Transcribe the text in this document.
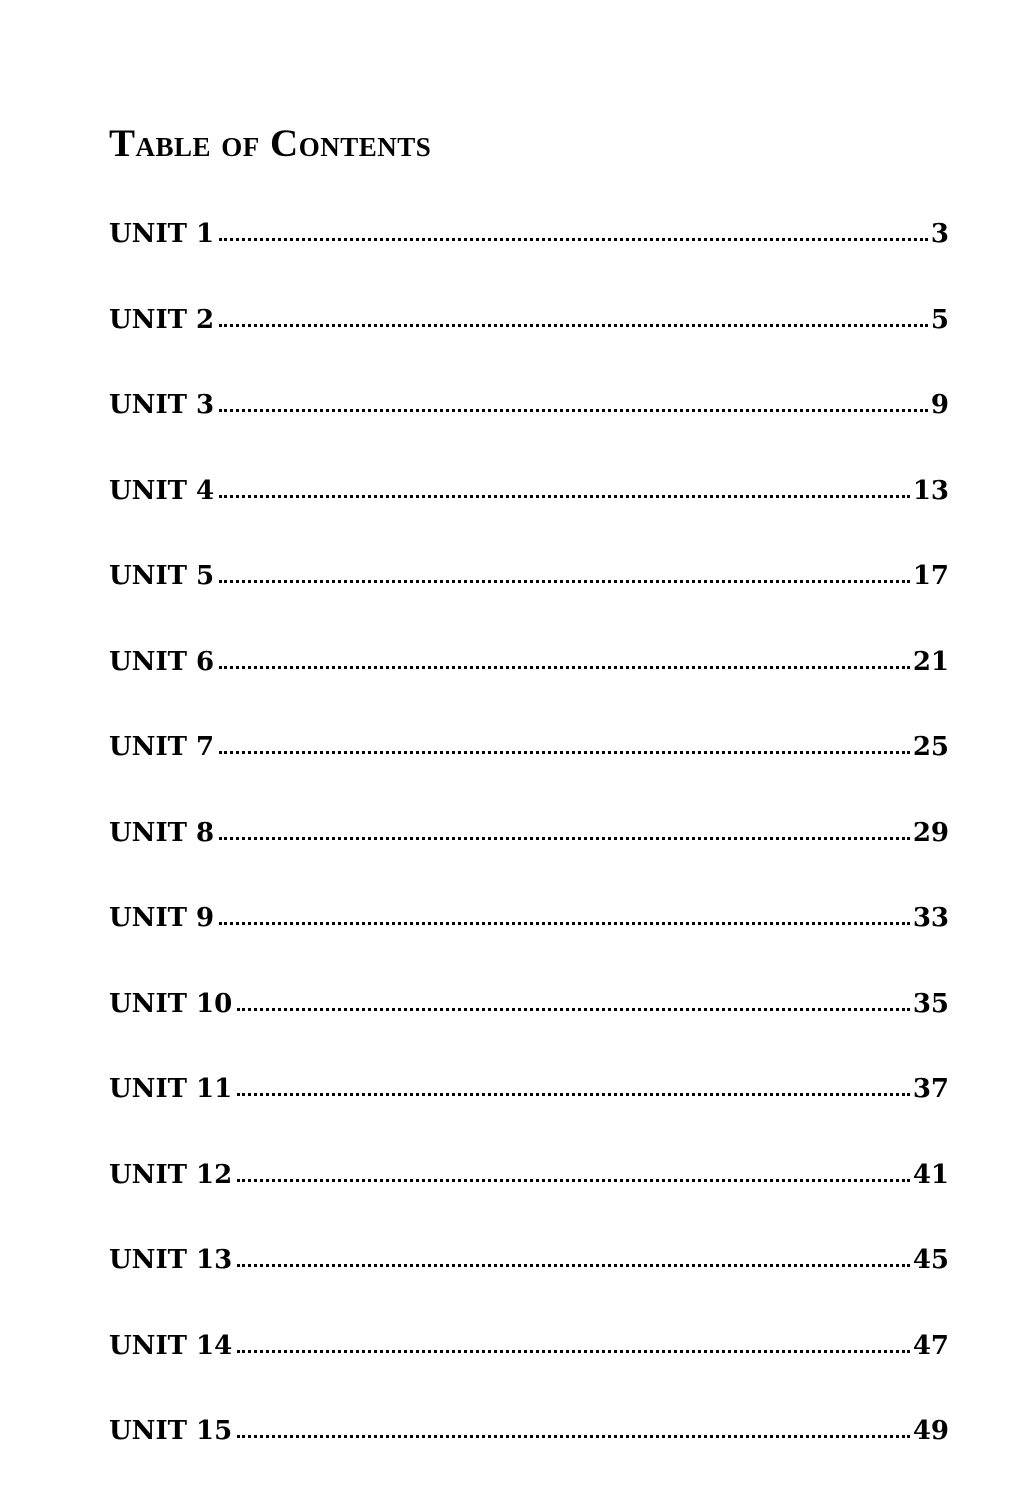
Table of Contents
UNIT 1	3
UNIT 2	5
UNIT 3	9
UNIT 4	13
UNIT 5	17
UNIT 6	21
UNIT 7	25
UNIT 8	29
UNIT 9	33
UNIT 10	35
UNIT 11	37
UNIT 12	41
UNIT 13	45
UNIT 14	47
UNIT 15	49
